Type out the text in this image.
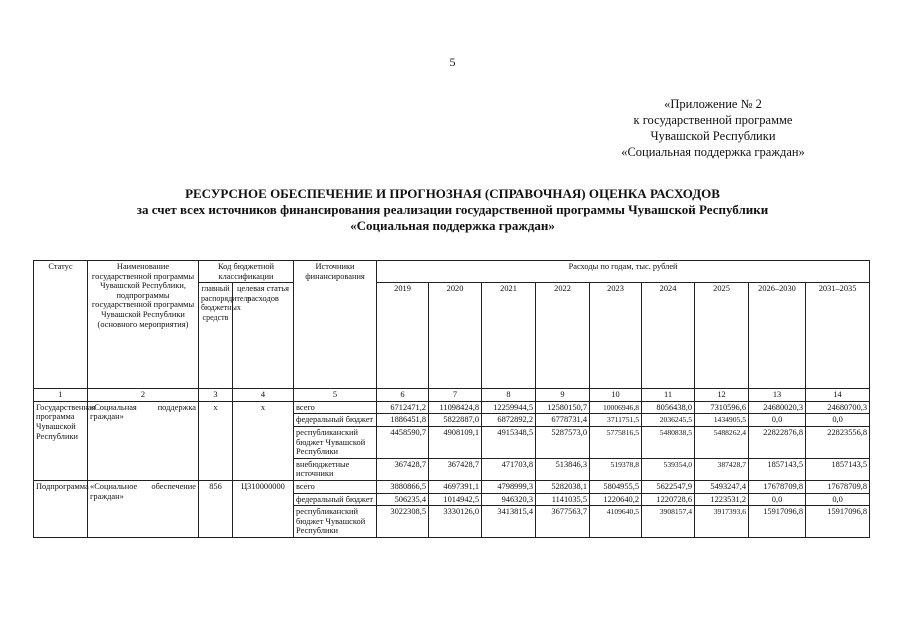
5
«Приложение № 2
к государственной программе
Чувашской Республики
«Социальная поддержка граждан»
РЕСУРСНОЕ ОБЕСПЕЧЕНИЕ И ПРОГНОЗНАЯ (СПРАВОЧНАЯ) ОЦЕНКА РАСХОДОВ
за счет всех источников финансирования реализации государственной программы Чувашской Республики
«Социальная поддержка граждан»
Статус	Наименование государственной программы Чувашской Республики, подпрограммы государственной программы Чувашской Республики (основного мероприятия)	Код бюджетной классификации		Источники финансирования	Расходы по годам, тыс. рублей								
		главный распорядитель бюджетных средств	целевая статья расходов		2019	2020	2021	2022	2023	2024	2025	2026–2030	2031–2035
1	2	3	4	5	6	7	8	9	10	11	12	13	14
Государственная программа Чувашской Республики	«Социальная поддержка граждан»	x	x	всего	6712471,2	11098424,8	12259944,5	12580150,7	10006946,8	8056438,0	7310596,6	24680020,3	24680700,3
				федеральный бюджет	1886451,8	5822887,0	6872892,2	6778731,4	3711751,5	2036245,5	1434905,5	0,0	0,0
				республиканский бюджет Чувашской Республики	4458590,7	4908109,1	4915348,5	5287573,0	5775816,5	5480838,5	5488262,4	22822876,8	22823556,8
				внебюджетные источники	367428,7	367428,7	471703,8	513846,3	519378,8	539354,0	387428,7	1857143,5	1857143,5
Подпрограмма	«Социальное обеспечение граждан»	856	Ц310000000	всего	3880866,5	4697391,1	4798999,3	5282038,1	5804955,5	5622547,9	5493247,4	17678709,8	17678709,8
				федеральный бюджет	506235,4	1014942,5	946320,3	1141035,5	1220640,2	1220728,6	1223531,2	0,0	0,0
				республиканский бюджет Чувашской Республики	3022308,5	3330126,0	3413815,4	3677563,7	4109640,5	3908157,4	3917393,6	15917096,8	15917096,8
